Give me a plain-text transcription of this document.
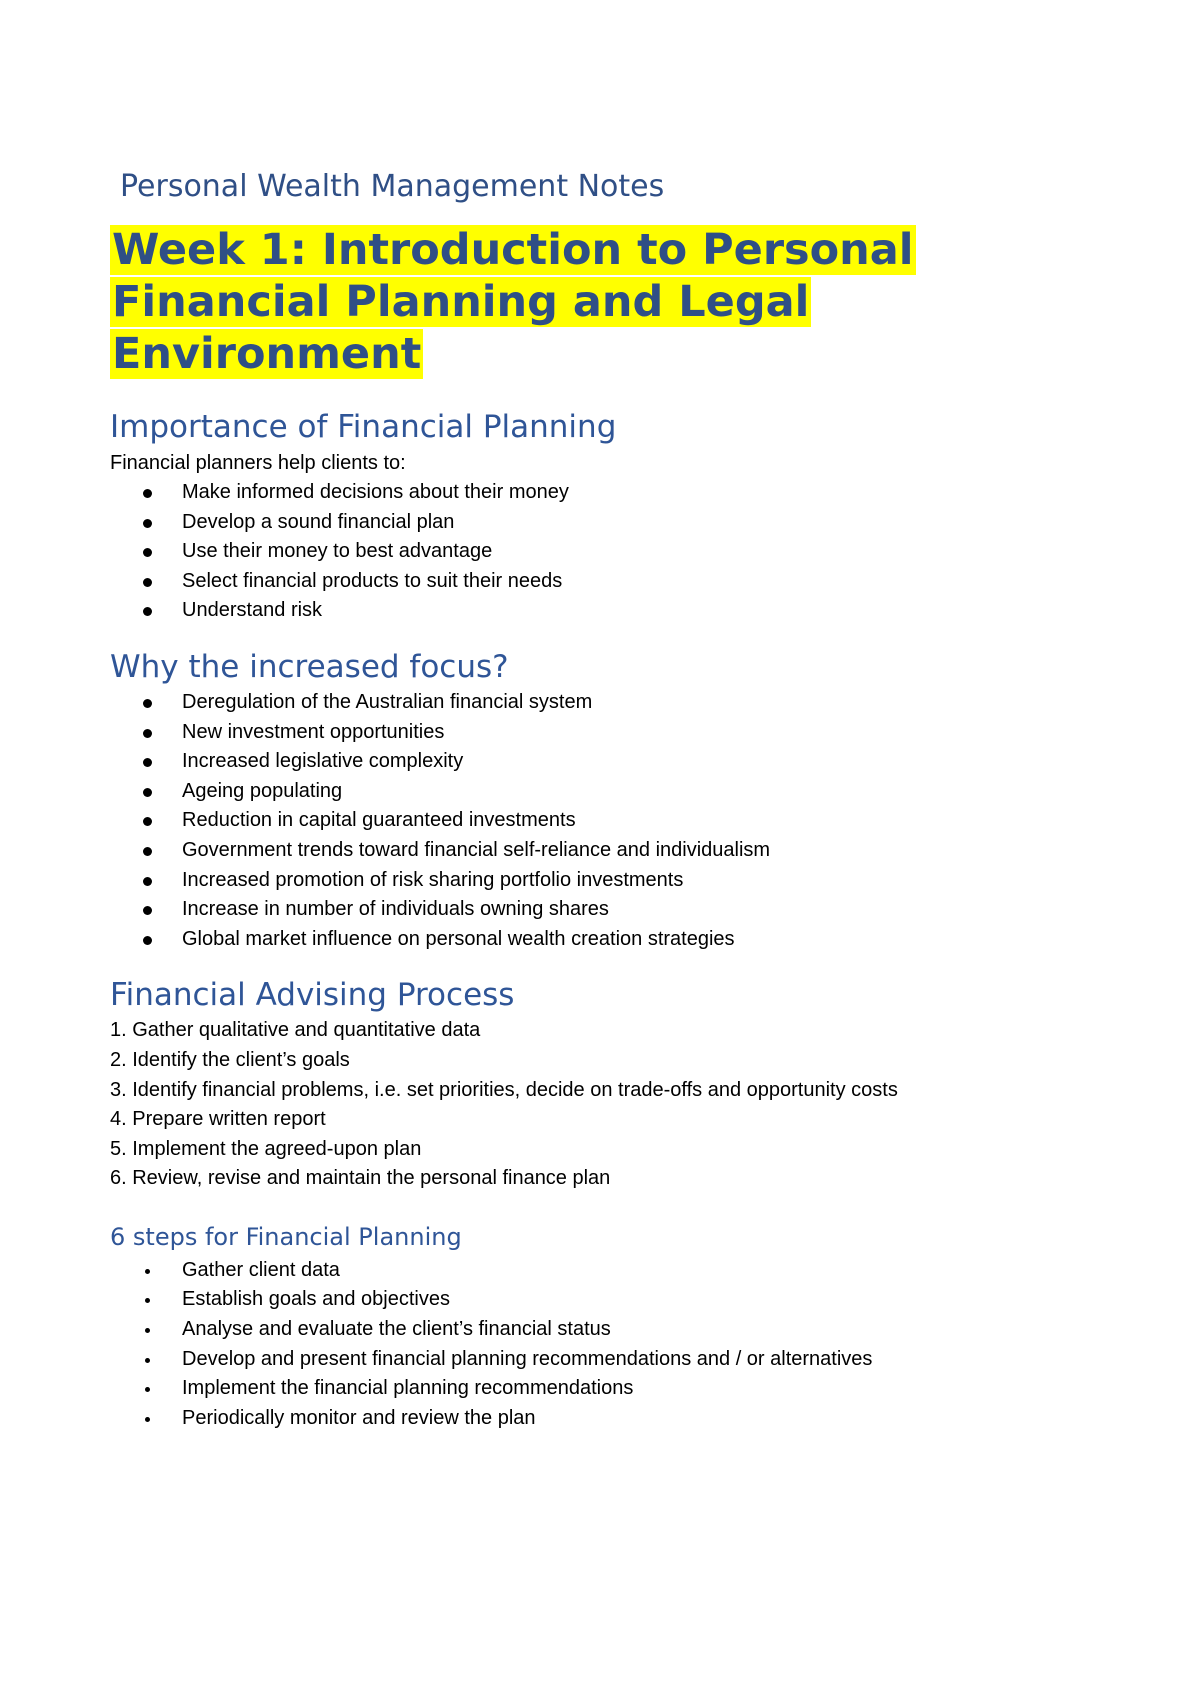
Personal Wealth Management Notes
Week 1: Introduction to Personal Financial Planning and Legal Environment
Importance of Financial Planning

Financial planners help clients to:

Make informed decisions about their money
Develop a sound financial plan
Use their money to best advantage
Select financial products to suit their needs
Understand risk
Why the increased focus?
Deregulation of the Australian financial system
New investment opportunities
Increased legislative complexity
Ageing populating
Reduction in capital guaranteed investments
Government trends toward financial self-reliance and individualism
Increased promotion of risk sharing portfolio investments
Increase in number of individuals owning shares
Global market influence on personal wealth creation strategies
Financial Advising Process
1. Gather qualitative and quantitative data
2. Identify the client’s goals
3. Identify financial problems, i.e. set priorities, decide on trade-offs and opportunity costs
4. Prepare written report
5. Implement the agreed-upon plan
6. Review, revise and maintain the personal finance plan
6 steps for Financial Planning
Gather client data
Establish goals and objectives
Analyse and evaluate the client’s financial status
Develop and present financial planning recommendations and / or alternatives
Implement the financial planning recommendations
Periodically monitor and review the plan
